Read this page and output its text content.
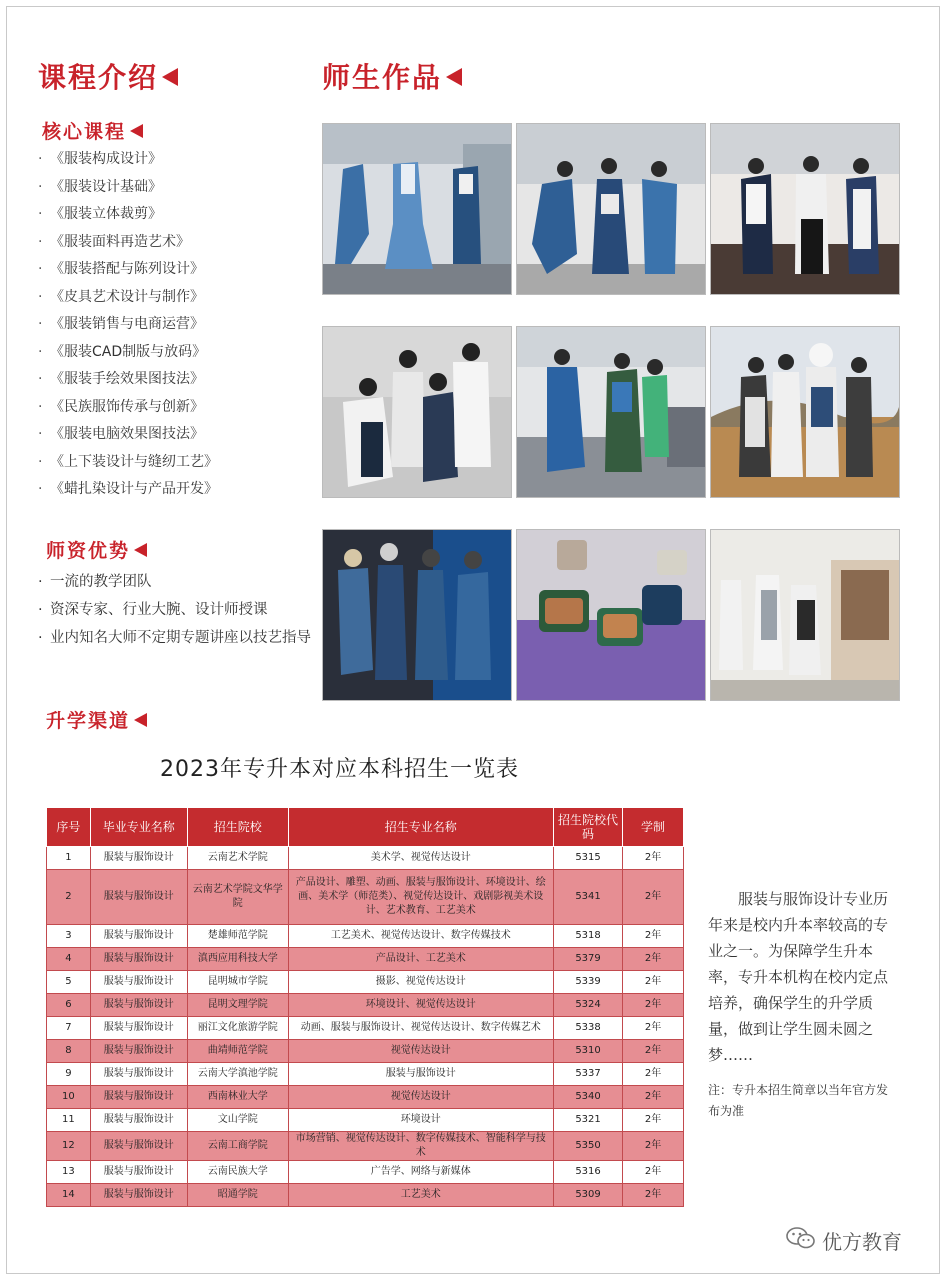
课程介绍	师生作品
核心课程
师资优势
升学渠道
· 《服装构成设计》
· 《服装设计基础》
· 《服装立体裁剪》
· 《服装面料再造艺术》
· 《服装搭配与陈列设计》
· 《皮具艺术设计与制作》
· 《服装销售与电商运营》
· 《服装CAD制版与放码》
· 《服装手绘效果图技法》
· 《民族服饰传承与创新》
· 《服装电脑效果图技法》
· 《上下装设计与缝纫工艺》
· 《蜡扎染设计与产品开发》
· 一流的教学团队
· 资深专家、行业大腕、设计师授课
· 业内知名大师不定期专题讲座以技艺指导
2023年专升本对应本科招生一览表
序号	毕业专业名称	招生院校	招生专业名称	招生院校代码	学制
1	服装与服饰设计	云南艺术学院	美术学、视觉传达设计	5315	2年
2	服装与服饰设计	云南艺术学院文华学院	产品设计、雕塑、动画、服装与服饰设计、环境设计、绘画、美术学（师范类）、视觉传达设计、戏剧影视美术设计、艺术教育、工艺美术	5341	2年
3	服装与服饰设计	楚雄师范学院	工艺美术、视觉传达设计、数字传媒技术	5318	2年
4	服装与服饰设计	滇西应用科技大学	产品设计、工艺美术	5379	2年
5	服装与服饰设计	昆明城市学院	摄影、视觉传达设计	5339	2年
6	服装与服饰设计	昆明文理学院	环境设计、视觉传达设计	5324	2年
7	服装与服饰设计	丽江文化旅游学院	动画、服装与服饰设计、视觉传达设计、数字传媒艺术	5338	2年
8	服装与服饰设计	曲靖师范学院	视觉传达设计	5310	2年
9	服装与服饰设计	云南大学滇池学院	服装与服饰设计	5337	2年
10	服装与服饰设计	西南林业大学	视觉传达设计	5340	2年
11	服装与服饰设计	文山学院	环境设计	5321	2年
12	服装与服饰设计	云南工商学院	市场营销、视觉传达设计、数字传媒技术、智能科学与技术	5350	2年
13	服装与服饰设计	云南民族大学	广告学、网络与新媒体	5316	2年
14	服装与服饰设计	昭通学院	工艺美术	5309	2年
服装与服饰设计专业历年来是校内升本率较高的专业之一。为保障学生升本率，专升本机构在校内定点培养，确保学生的升学质量，做到让学生圆未圆之梦……
注：专升本招生简章以当年官方发布为准
优方教育
